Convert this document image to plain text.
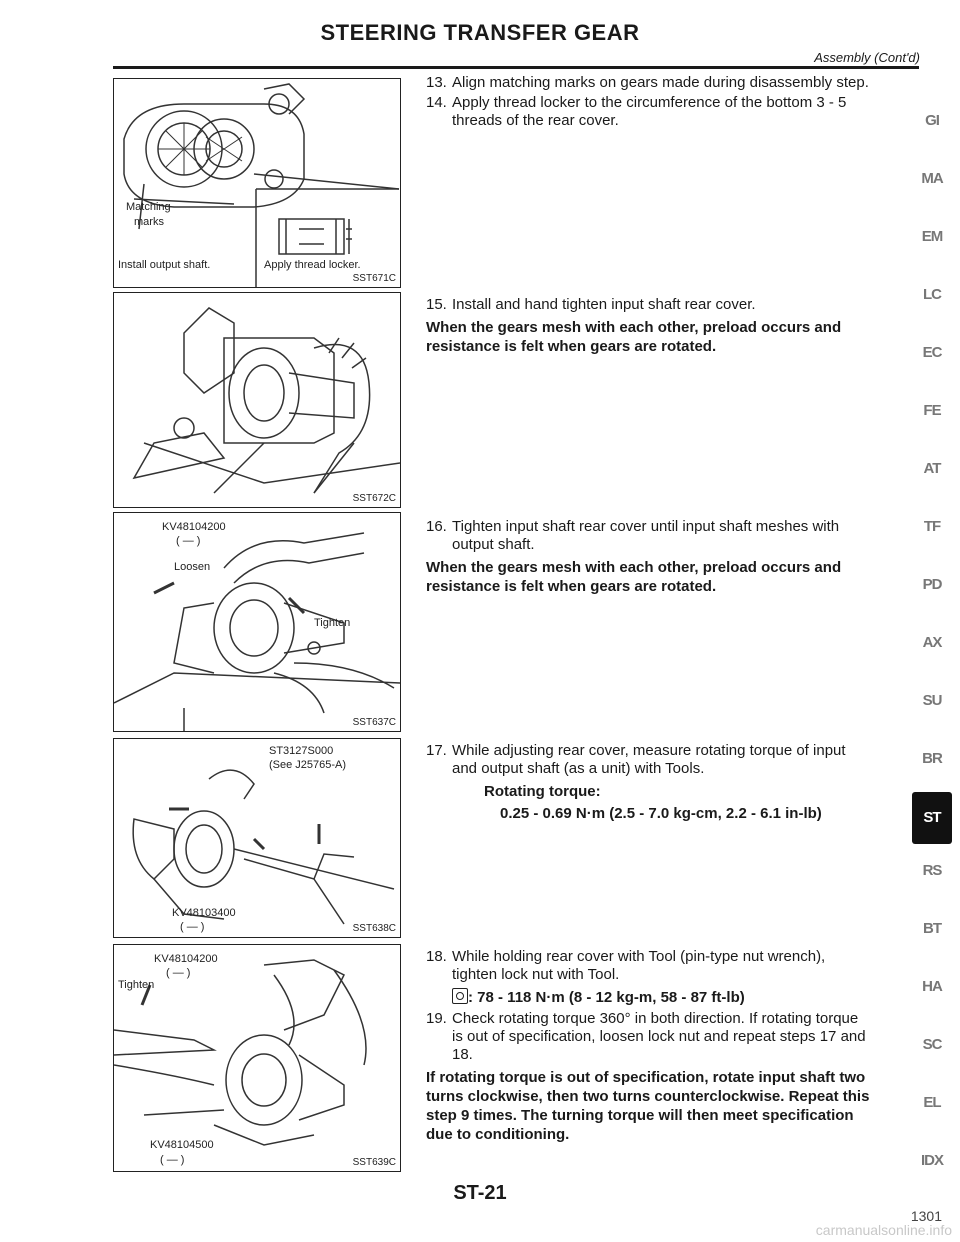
STEERING TRANSFER GEAR
Assembly (Cont'd)
Matching
marks
Install output shaft.	Apply thread locker.
SST671C
SST672C
KV48104200
( — )
Loosen
Tighten
SST637C
ST3127S000
(See J25765-A)
KV48103400
( — )	SST638C
KV48104200
( — )
Tighten
KV48104500
( — )	SST639C
13. Align matching marks on gears made during disassembly step.
14. Apply thread locker to the circumference of the bottom 3 - 5
threads of the rear cover.
15. Install and hand tighten input shaft rear cover.
When the gears mesh with each other, preload occurs and
resistance is felt when gears are rotated.
16. Tighten input shaft rear cover until input shaft meshes with
output shaft.
When the gears mesh with each other, preload occurs and
resistance is felt when gears are rotated.
17. While adjusting rear cover, measure rotating torque of input
and output shaft (as a unit) with Tools.
Rotating torque:
0.25 - 0.69 N·m (2.5 - 7.0 kg-cm, 2.2 - 6.1 in-lb)
18. While holding rear cover with Tool (pin-type nut wrench),
tighten lock nut with Tool.
: 78 - 118 N·m (8 - 12 kg-m, 58 - 87 ft-lb)
19. Check rotating torque 360° in both direction. If rotating torque
is out of specification, loosen lock nut and repeat steps 17 and
18.
If rotating torque is out of specification, rotate input shaft two
turns clockwise, then two turns counterclockwise. Repeat this
step 9 times. The turning torque will then meet specification
due to conditioning.
GI
MA
EM
LC
EC
FE
AT
TF
PD
AX
SU
BR
ST
RS
BT
HA
SC
EL
IDX
ST-21
1301
carmanualsonline.info
